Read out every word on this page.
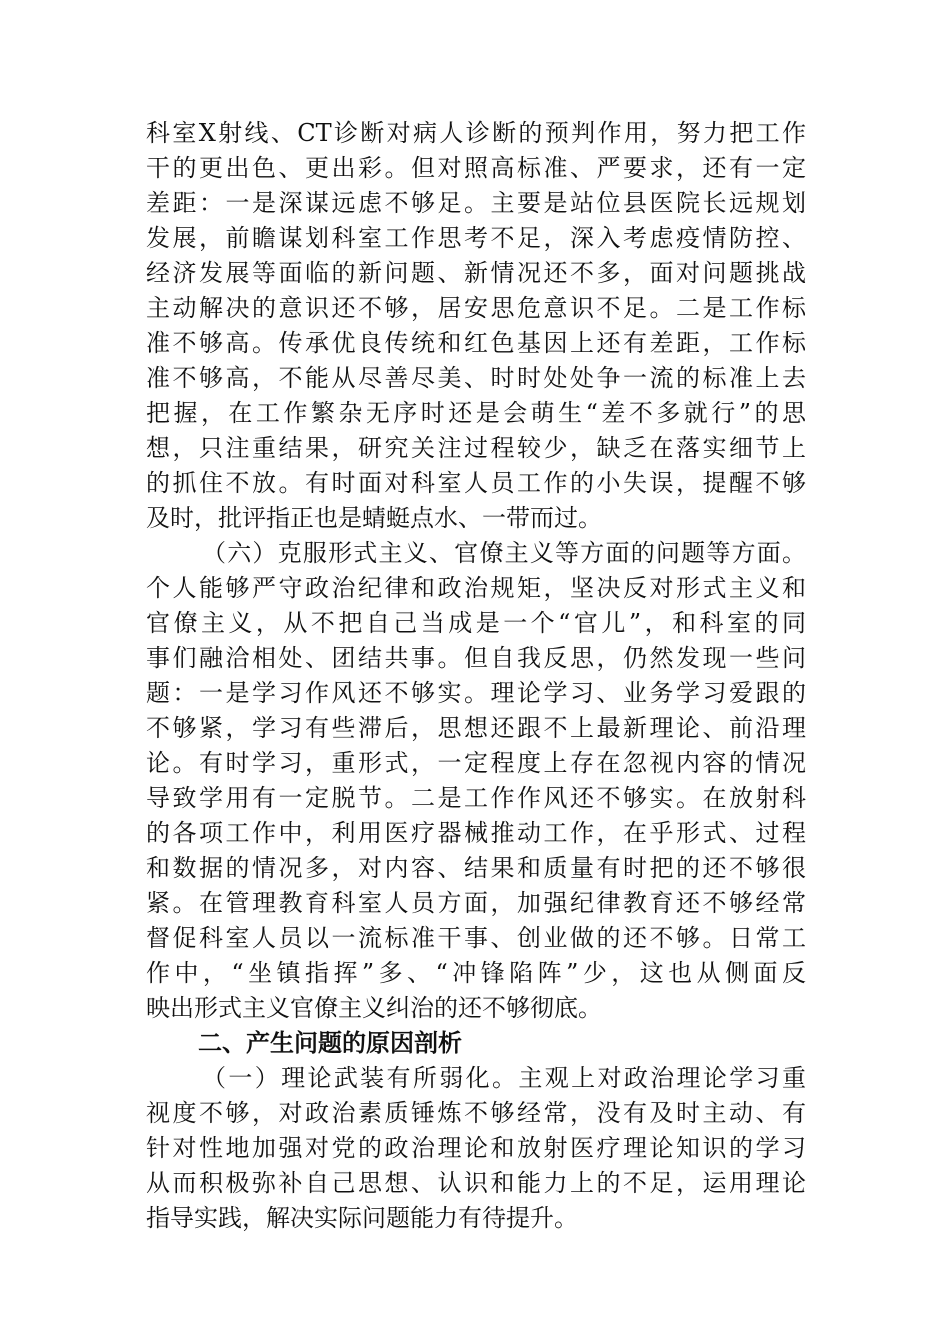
科室X射线、CT诊断对病人诊断的预判作用，努力把工作
干的更出色、更出彩。但对照高标准、严要求，还有一定
差距：一是深谋远虑不够足。主要是站位县医院长远规划
发展，前瞻谋划科室工作思考不足，深入考虑疫情防控、
经济发展等面临的新问题、新情况还不多，面对问题挑战
主动解决的意识还不够，居安思危意识不足。二是工作标
准不够高。传承优良传统和红色基因上还有差距，工作标
准不够高，不能从尽善尽美、时时处处争一流的标准上去
把握，在工作繁杂无序时还是会萌生“差不多就行”的思
想，只注重结果，研究关注过程较少，缺乏在落实细节上
的抓住不放。有时面对科室人员工作的小失误，提醒不够
及时，批评指正也是蜻蜓点水、一带而过。
（六）克服形式主义、官僚主义等方面的问题等方面。
个人能够严守政治纪律和政治规矩，坚决反对形式主义和
官僚主义，从不把自己当成是一个“官儿”，和科室的同
事们融洽相处、团结共事。但自我反思，仍然发现一些问
题：一是学习作风还不够实。理论学习、业务学习爱跟的
不够紧，学习有些滞后，思想还跟不上最新理论、前沿理
论。有时学习，重形式，一定程度上存在忽视内容的情况
导致学用有一定脱节。二是工作作风还不够实。在放射科
的各项工作中，利用医疗器械推动工作，在乎形式、过程
和数据的情况多，对内容、结果和质量有时把的还不够很
紧。在管理教育科室人员方面，加强纪律教育还不够经常
督促科室人员以一流标准干事、创业做的还不够。日常工
作中，“坐镇指挥”多、“冲锋陷阵”少，这也从侧面反
映出形式主义官僚主义纠治的还不够彻底。
二、产生问题的原因剖析
（一）理论武装有所弱化。主观上对政治理论学习重
视度不够，对政治素质锤炼不够经常，没有及时主动、有
针对性地加强对党的政治理论和放射医疗理论知识的学习
从而积极弥补自己思想、认识和能力上的不足，运用理论
指导实践，解决实际问题能力有待提升。
